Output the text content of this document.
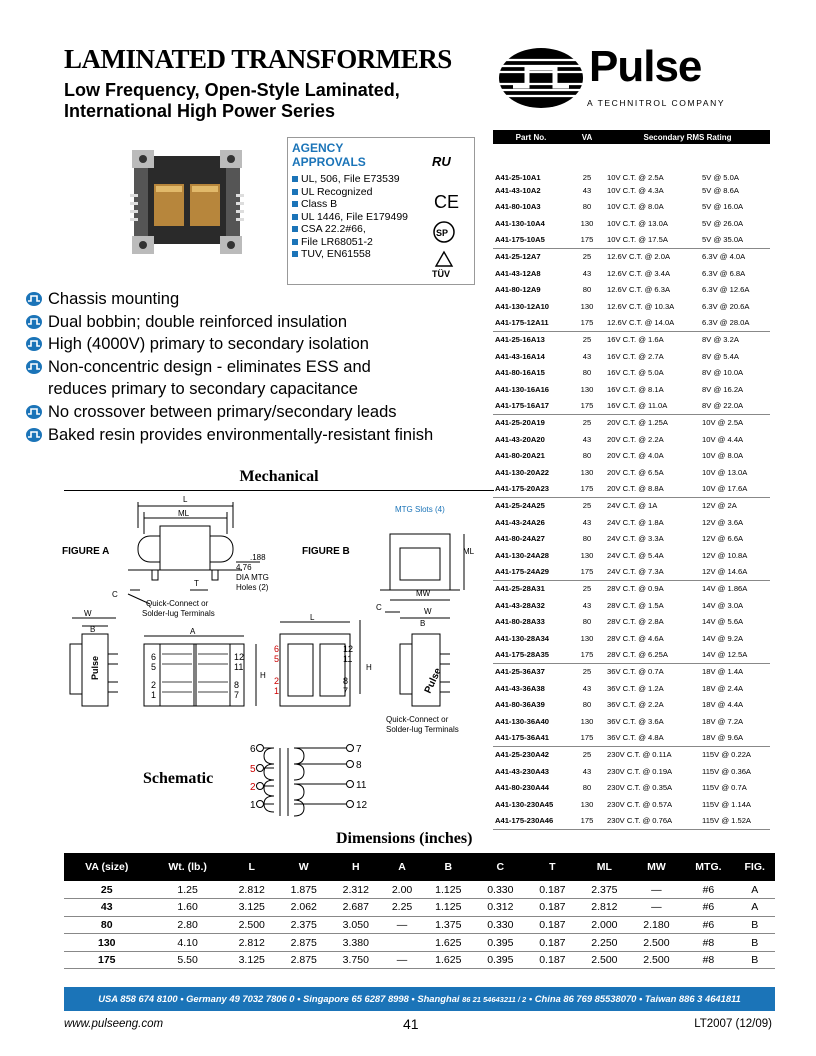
LAMINATED TRANSFORMERS
Low Frequency, Open-Style Laminated,
International High Power Series
Pulse
A TECHNITROL COMPANY
AGENCY
APPROVALS
UL, 506, File E73539
UL Recognized
Class B
UL 1446, File E179499
CSA 22.2#66,
File LR68051-2
TUV, EN61558
RU
CE
SP
TÜV
Chassis mounting
Dual bobbin; double reinforced insulation
High (4000V) primary to secondary isolation
Non-concentric design - eliminates ESS and
reduces primary to secondary capacitance
No crossover between primary/secondary leads
Baked resin provides environmentally-resistant finish
Mechanical
L
ML
FIGURE A
.188
4,76
DIA MTG
Holes (2)
C
T
Quick-Connect or
Solder-lug Terminals
FIGURE B
MTG Slots (4)
ML
MW
W
B	A
H
L
C	W
B
H
Quick-Connect or
Solder-lug Terminals
6
5
2
1
12
11
8
7
6
5
2
1
12
11
8
7
Pulse	Pulse
6
5
2
1
7
8
11
12
Schematic
Part No.	VA	Secondary RMS Rating	
A41-25-10A1	25	10V C.T. @ 2.5A	5V @ 5.0A
A41-43-10A2	43	10V C.T. @ 4.3A	5V @ 8.6A
A41-80-10A3	80	10V C.T. @ 8.0A	5V @ 16.0A
A41-130-10A4	130	10V C.T. @ 13.0A	5V @ 26.0A
A41-175-10A5	175	10V C.T. @ 17.5A	5V @ 35.0A
A41-25-12A7	25	12.6V C.T. @ 2.0A	6.3V @ 4.0A
A41-43-12A8	43	12.6V C.T. @ 3.4A	6.3V @ 6.8A
A41-80-12A9	80	12.6V C.T. @ 6.3A	6.3V @ 12.6A
A41-130-12A10	130	12.6V C.T. @ 10.3A	6.3V @ 20.6A
A41-175-12A11	175	12.6V C.T. @ 14.0A	6.3V @ 28.0A
A41-25-16A13	25	16V C.T. @ 1.6A	8V @ 3.2A
A41-43-16A14	43	16V C.T. @ 2.7A	8V @ 5.4A
A41-80-16A15	80	16V C.T. @ 5.0A	8V @ 10.0A
A41-130-16A16	130	16V C.T. @ 8.1A	8V @ 16.2A
A41-175-16A17	175	16V C.T. @ 11.0A	8V @ 22.0A
A41-25-20A19	25	20V C.T. @ 1.25A	10V @ 2.5A
A41-43-20A20	43	20V C.T. @ 2.2A	10V @ 4.4A
A41-80-20A21	80	20V C.T. @ 4.0A	10V @ 8.0A
A41-130-20A22	130	20V C.T. @ 6.5A	10V @ 13.0A
A41-175-20A23	175	20V C.T. @ 8.8A	10V @ 17.6A
A41-25-24A25	25	24V C.T. @ 1A	12V @ 2A
A41-43-24A26	43	24V C.T. @ 1.8A	12V @ 3.6A
A41-80-24A27	80	24V C.T. @ 3.3A	12V @ 6.6A
A41-130-24A28	130	24V C.T. @ 5.4A	12V @ 10.8A
A41-175-24A29	175	24V C.T. @ 7.3A	12V @ 14.6A
A41-25-28A31	25	28V C.T. @ 0.9A	14V @ 1.86A
A41-43-28A32	43	28V C.T. @ 1.5A	14V @ 3.0A
A41-80-28A33	80	28V C.T. @ 2.8A	14V @ 5.6A
A41-130-28A34	130	28V C.T. @ 4.6A	14V @ 9.2A
A41-175-28A35	175	28V C.T. @ 6.25A	14V @ 12.5A
A41-25-36A37	25	36V C.T. @ 0.7A	18V @ 1.4A
A41-43-36A38	43	36V C.T. @ 1.2A	18V @ 2.4A
A41-80-36A39	80	36V C.T. @ 2.2A	18V @ 4.4A
A41-130-36A40	130	36V C.T. @ 3.6A	18V @ 7.2A
A41-175-36A41	175	36V C.T. @ 4.8A	18V @ 9.6A
A41-25-230A42	25	230V C.T. @ 0.11A	115V @ 0.22A
A41-43-230A43	43	230V C.T. @ 0.19A	115V @ 0.36A
A41-80-230A44	80	230V C.T. @ 0.35A	115V @ 0.7A
A41-130-230A45	130	230V C.T. @ 0.57A	115V @ 1.14A
A41-175-230A46	175	230V C.T. @ 0.76A	115V @ 1.52A
Dimensions (inches)
VA (size)	Wt. (lb.)	L	W	H	A	B	C	T	ML	MW	MTG.	FIG.
25	1.25	2.812	1.875	2.312	2.00	1.125	0.330	0.187	2.375	—	#6	A
43	1.60	3.125	2.062	2.687	2.25	1.125	0.312	0.187	2.812	—	#6	A
80	2.80	2.500	2.375	3.050	—	1.375	0.330	0.187	2.000	2.180	#6	B
130	4.10	2.812	2.875	3.380		1.625	0.395	0.187	2.250	2.500	#8	B
175	5.50	3.125	2.875	3.750	—	1.625	0.395	0.187	2.500	2.500	#8	B
USA 858 674 8100 • Germany 49 7032 7806 0 • Singapore 65 6287 8998 • Shanghai 86 21 54643211 / 2 • China 86 769 85538070 • Taiwan 886 3 4641811
www.pulseeng.com	41	LT2007 (12/09)
